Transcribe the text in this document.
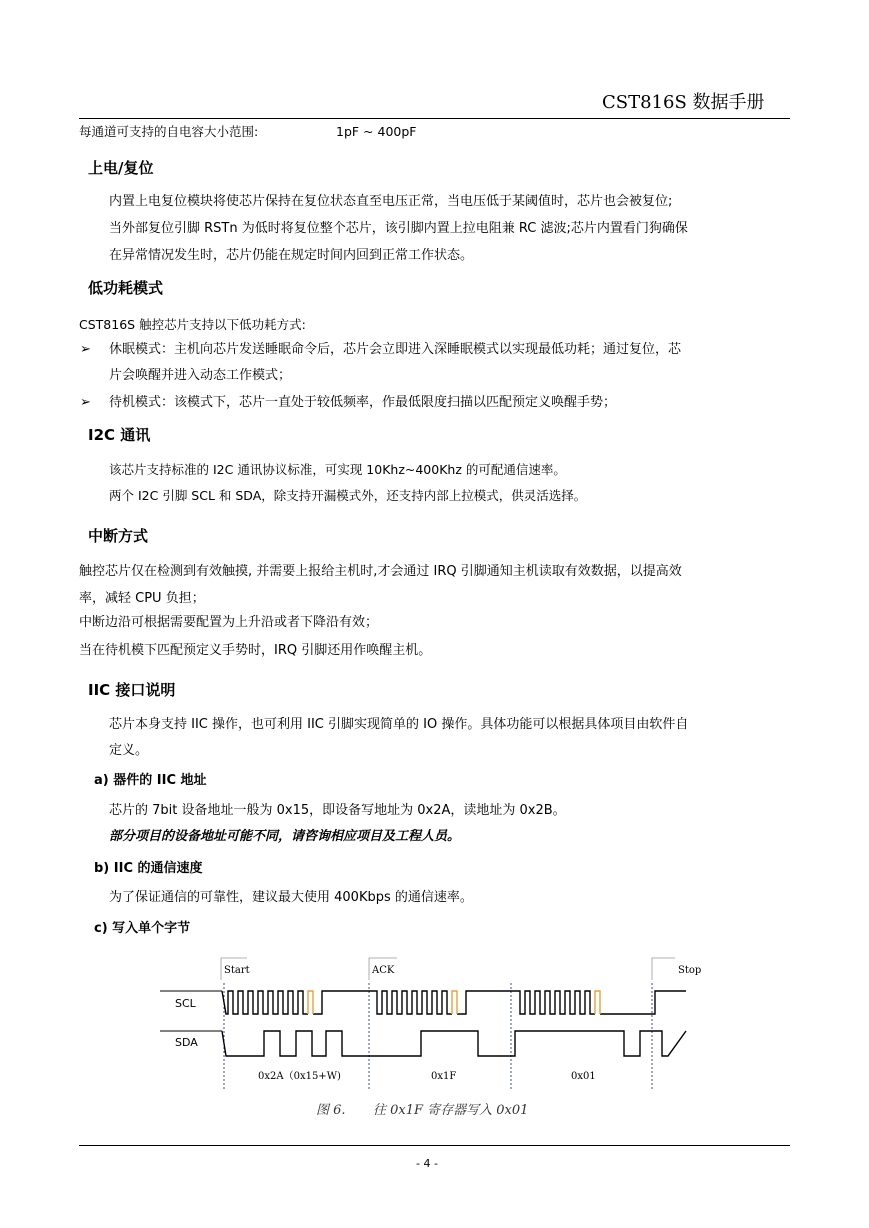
CST816S 数据手册
每通道可支持的自电容大小范围:	1pF ~ 400pF
上电/复位
内置上电复位模块将使芯片保持在复位状态直至电压正常，当电压低于某阈值时，芯片也会被复位;
当外部复位引脚 RSTn 为低时将复位整个芯片，该引脚内置上拉电阻兼 RC 滤波;芯片内置看门狗确保
在异常情况发生时，芯片仍能在规定时间内回到正常工作状态。
低功耗模式
CST816S 触控芯片支持以下低功耗方式:
➢ 休眠模式：主机向芯片发送睡眠命令后，芯片会立即进入深睡眠模式以实现最低功耗；通过复位，芯
片会唤醒并进入动态工作模式；
➢ 待机模式：该模式下，芯片一直处于较低频率，作最低限度扫描以匹配预定义唤醒手势；
I2C 通讯
该芯片支持标准的 I2C 通讯协议标准，可实现 10Khz~400Khz 的可配通信速率。
两个 I2C 引脚 SCL 和 SDA，除支持开漏模式外，还支持内部上拉模式，供灵活选择。
中断方式
触控芯片仅在检测到有效触摸, 并需要上报给主机时,才会通过 IRQ 引脚通知主机读取有效数据，以提高效
率，减轻 CPU 负担；
中断边沿可根据需要配置为上升沿或者下降沿有效；
当在待机模下匹配预定义手势时，IRQ 引脚还用作唤醒主机。
IIC 接口说明
芯片本身支持 IIC 操作，也可利用 IIC 引脚实现简单的 IO 操作。具体功能可以根据具体项目由软件自
定义。
a) 器件的 IIC 地址
芯片的 7bit 设备地址一般为 0x15，即设备写地址为 0x2A，读地址为 0x2B。
部分项目的设备地址可能不同，请咨询相应项目及工程人员。
b) IIC 的通信速度
为了保证通信的可靠性，建议最大使用 400Kbps 的通信速率。
c) 写入单个字节
Start	ACK	Stop
SCL
SDA
0x2A（0x15+W)	0x1F	0x01
图 6. 往 0x1F 寄存器写入 0x01
- 4 -
